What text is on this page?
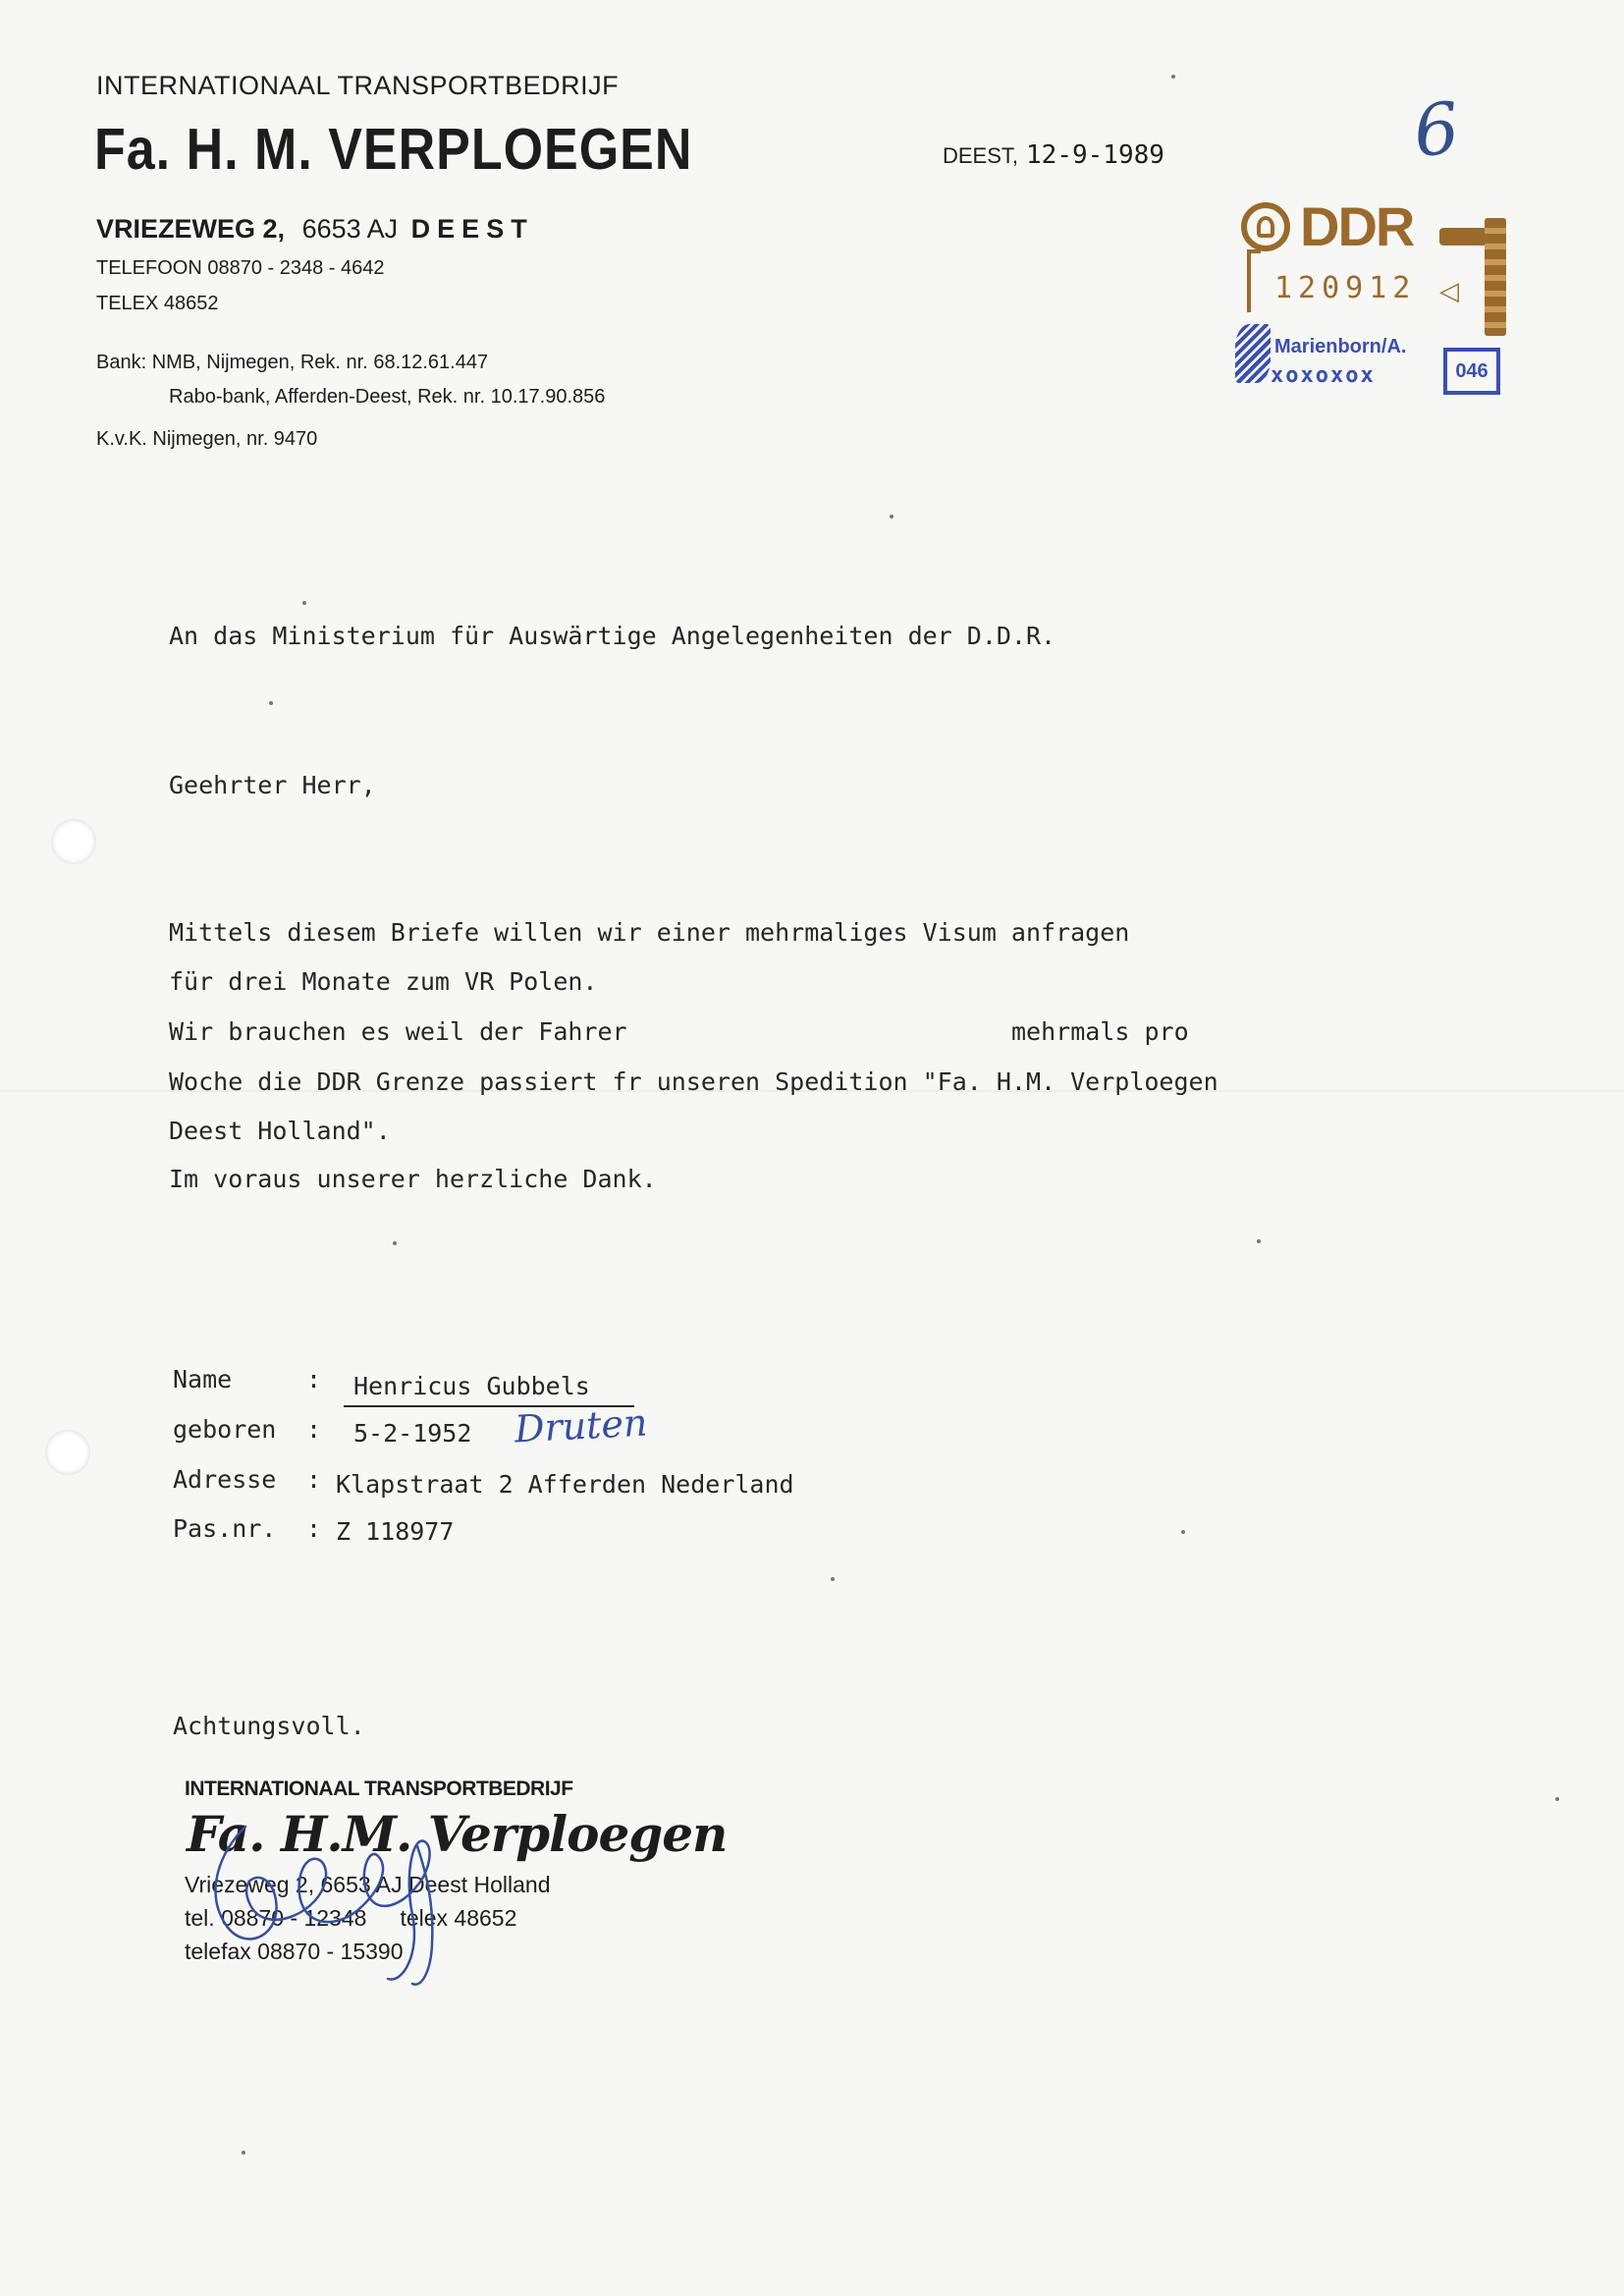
INTERNATIONAAL TRANSPORTBEDRIJF
Fa. H. M. VERPLOEGEN
VRIEZEWEG 2, 6653 AJ DEEST
TELEFOON 08870 - 2348 - 4642
TELEX 48652
Bank: NMB, Nijmegen, Rek. nr. 68.12.61.447
Rabo-bank, Afferden-Deest, Rek. nr. 10.17.90.856
K.v.K. Nijmegen, nr. 9470
DEEST, 12-9-1989	6
DDR
120912 ◁
Marienborn/A.
xoxoxox	046
An das Ministerium für Auswärtige Angelegenheiten der D.D.R.
Geehrter Herr,
Mittels diesem Briefe willen wir einer mehrmaliges Visum anfragen
für drei Monate zum VR Polen.
Wir brauchen es weil der Fahrer	mehrmals pro
Woche die DDR Grenze passiert fr unseren Spedition "Fa. H.M. Verploegen
Deest Holland".
Im voraus unserer herzliche Dank.
Name	: Henricus Gubbels
geboren : 5-2-1952 Druten
Adresse : Klapstraat 2 Afferden Nederland
Pas.nr. : Z 118977
Achtungsvoll.
INTERNATIONAAL TRANSPORTBEDRIJF
Fa. H.M. Verploegen
Vriezeweg 2, 6653 AJ Deest Holland
tel. 08870 - 12348 telex 48652
telefax 08870 - 15390
